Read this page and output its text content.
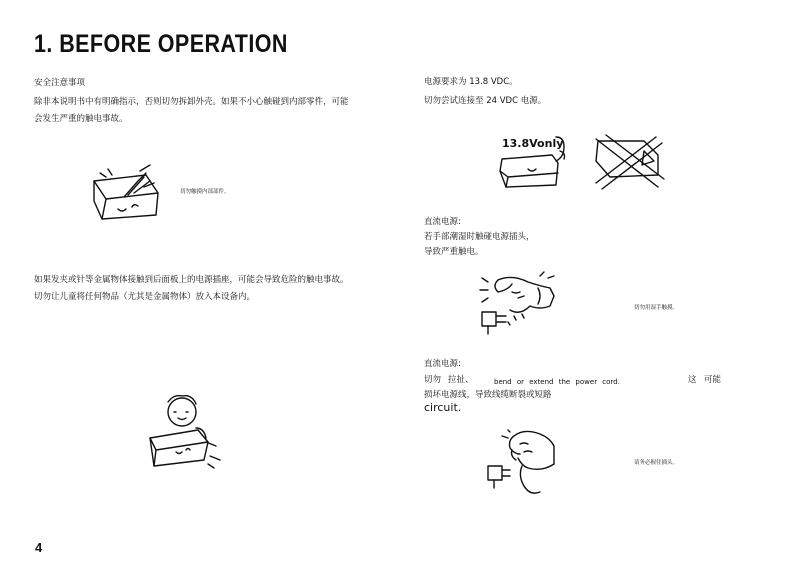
1. BEFORE OPERATION
安全注意事项
除非本说明书中有明确指示，否则切勿拆卸外壳。如果不小心触碰到内部零件，可能
会发生严重的触电事故。
切勿触摸内部部件。
如果发夹或针等金属物体接触到后面板上的电源插座，可能会导致危险的触电事故。
切勿让儿童将任何物品（尤其是金属物体）放入本设备内。
电源要求为 13.8 VDC。
切勿尝试连接至 24 VDC 电源。
13.8Vonly
直流电源:
若手部潮湿时触碰电源插头，
导致严重触电。
切勿用湿手触摸。
直流电源:
切勿 拉扯、	bend or extend the power cord.	这 可能
损坏电源线，导致线缆断裂或短路
circuit.
请务必握住插头。
4
